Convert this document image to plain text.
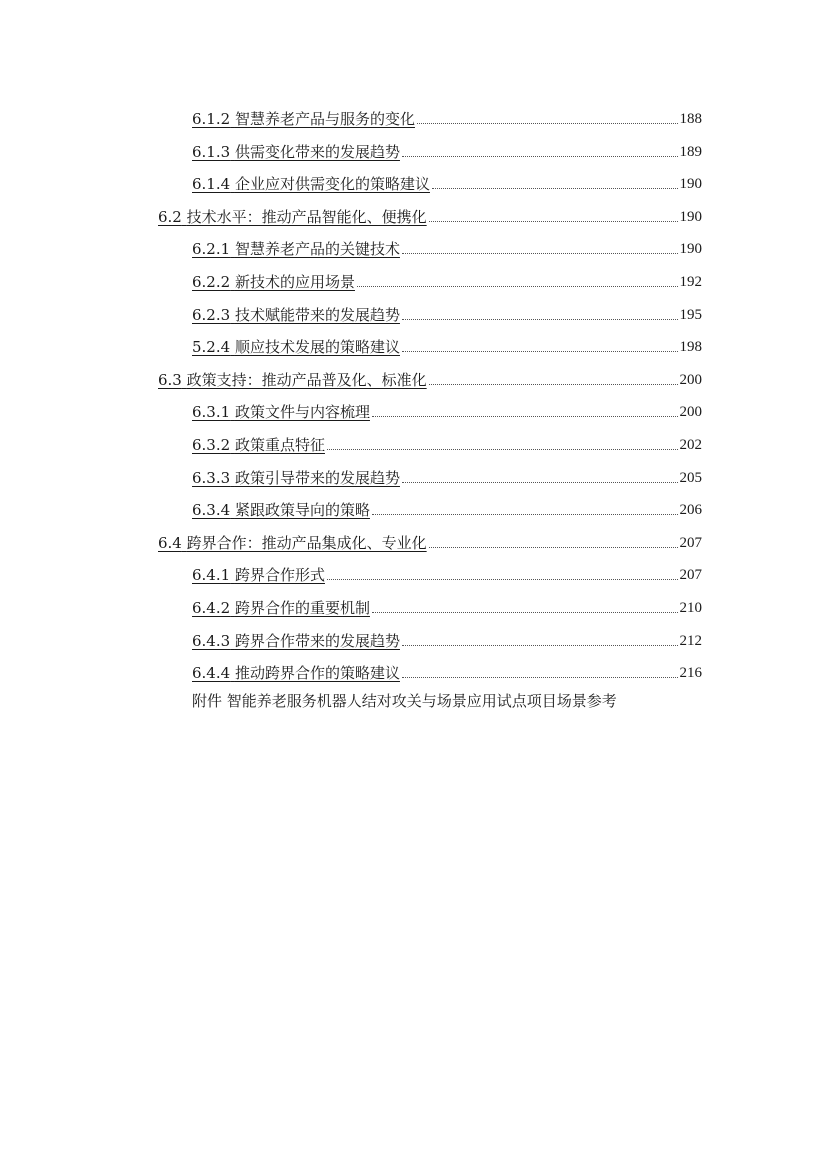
6.1.2 智慧养老产品与服务的变化	188
6.1.3 供需变化带来的发展趋势	189
6.1.4 企业应对供需变化的策略建议	190
6.2 技术水平：推动产品智能化、便携化	190
6.2.1 智慧养老产品的关键技术	190
6.2.2 新技术的应用场景	192
6.2.3 技术赋能带来的发展趋势	195
5.2.4 顺应技术发展的策略建议	198
6.3 政策支持：推动产品普及化、标准化	200
6.3.1 政策文件与内容梳理	200
6.3.2 政策重点特征	202
6.3.3 政策引导带来的发展趋势	205
6.3.4 紧跟政策导向的策略	206
6.4 跨界合作：推动产品集成化、专业化	207
6.4.1 跨界合作形式	207
6.4.2 跨界合作的重要机制	210
6.4.3 跨界合作带来的发展趋势	212
6.4.4 推动跨界合作的策略建议	216
附件 智能养老服务机器人结对攻关与场景应用试点项目场景参考
